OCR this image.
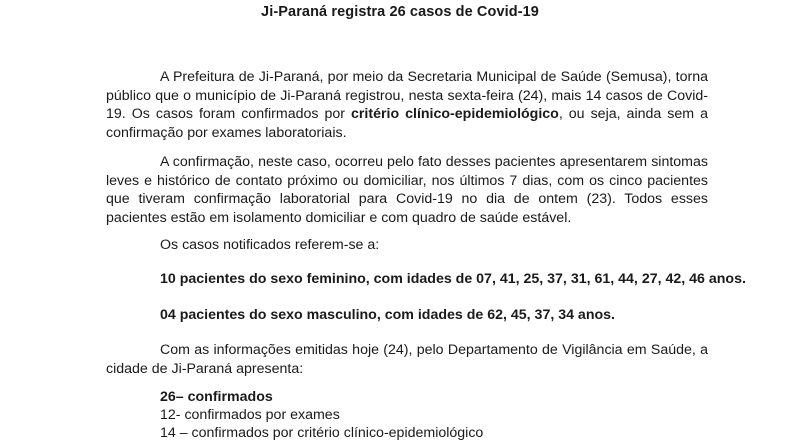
Ji-Paraná registra 26 casos de Covid-19

A Prefeitura de Ji-Paraná, por meio da Secretaria Municipal de Saúde (Semusa), torna público que o município de Ji-Paraná registrou, nesta sexta-feira (24), mais 14 casos de Covid-19. Os casos foram confirmados por critério clínico-epidemiológico, ou seja, ainda sem a confirmação por exames laboratoriais.

A confirmação, neste caso, ocorreu pelo fato desses pacientes apresentarem sintomas leves e histórico de contato próximo ou domiciliar, nos últimos 7 dias, com os cinco pacientes que tiveram confirmação laboratorial para Covid-19 no dia de ontem (23). Todos esses pacientes estão em isolamento domiciliar e com quadro de saúde estável.

Os casos notificados referem-se a:
10 pacientes do sexo feminino, com idades de 07, 41, 25, 37, 31, 61, 44, 27, 42, 46 anos.
04 pacientes do sexo masculino, com idades de 62, 45, 37, 34 anos.

Com as informações emitidas hoje (24), pelo Departamento de Vigilância em Saúde, a cidade de Ji-Paraná apresenta:

26– confirmados
12- confirmados por exames
14 – confirmados por critério clínico-epidemiológico
